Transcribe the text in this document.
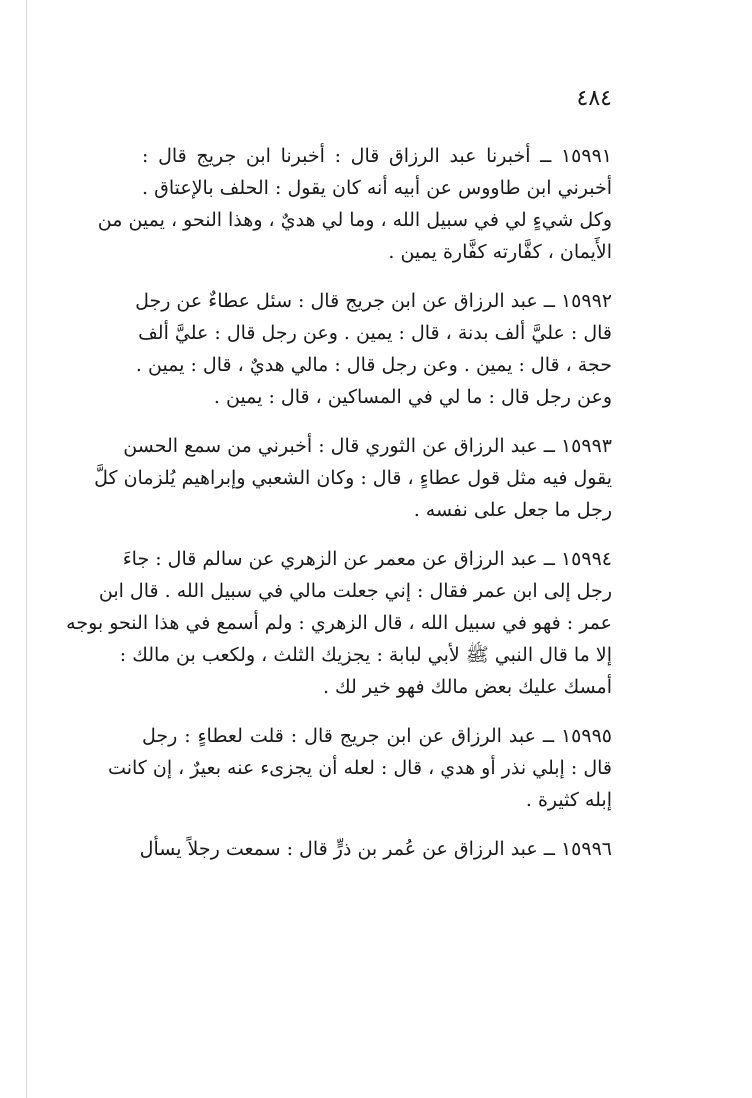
٤٨٤
١٥٩٩١ ــ أخبرنا عبد الرزاق قال : أخبرنا ابن جريج قال :
أخبرني ابن طاووس عن أبيه أنه كان يقول : الحلف بالإعتاق .
وكل شيءٍ لي في سبيل الله ، وما لي هديٌ ، وهذا النحو ، يمين من
الأَيمان ، كفَّارته كفَّارة يمين .
١٥٩٩٢ ــ عبد الرزاق عن ابن جريج قال : سئل عطاءٌ عن رجل
قال : عليَّ ألف بدنة ، قال : يمين . وعن رجل قال : عليَّ ألف
حجة ، قال : يمين . وعن رجل قال : مالي هديٌ ، قال : يمين .
وعن رجل قال : ما لي في المساكين ، قال : يمين .
١٥٩٩٣ ــ عبد الرزاق عن الثوري قال : أخبرني من سمع الحسن
يقول فيه مثل قول عطاءٍ ، قال : وكان الشعبي وإبراهيم يُلزمان كلَّ
رجل ما جعل على نفسه .
١٥٩٩٤ ــ عبد الرزاق عن معمر عن الزهري عن سالم قال : جاءَ
رجل إلى ابن عمر فقال : إني جعلت مالي في سبيل الله . قال ابن
عمر : فهو في سبيل الله ، قال الزهري : ولم أسمع في هذا النحو بوجه
إلا ما قال النبي ﷺ لأبي لبابة : يجزيك الثلث ، ولكعب بن مالك :
أمسك عليك بعض مالك فهو خير لك .
١٥٩٩٥ ــ عبد الرزاق عن ابن جريج قال : قلت لعطاءٍ : رجل
قال : إبلي نذر أو هدي ، قال : لعله أن يجزىء عنه بعيرٌ ، إن كانت
إبله كثيرة .
١٥٩٩٦ ــ عبد الرزاق عن عُمر بن ذرٍّ قال : سمعت رجلاً يسأل
